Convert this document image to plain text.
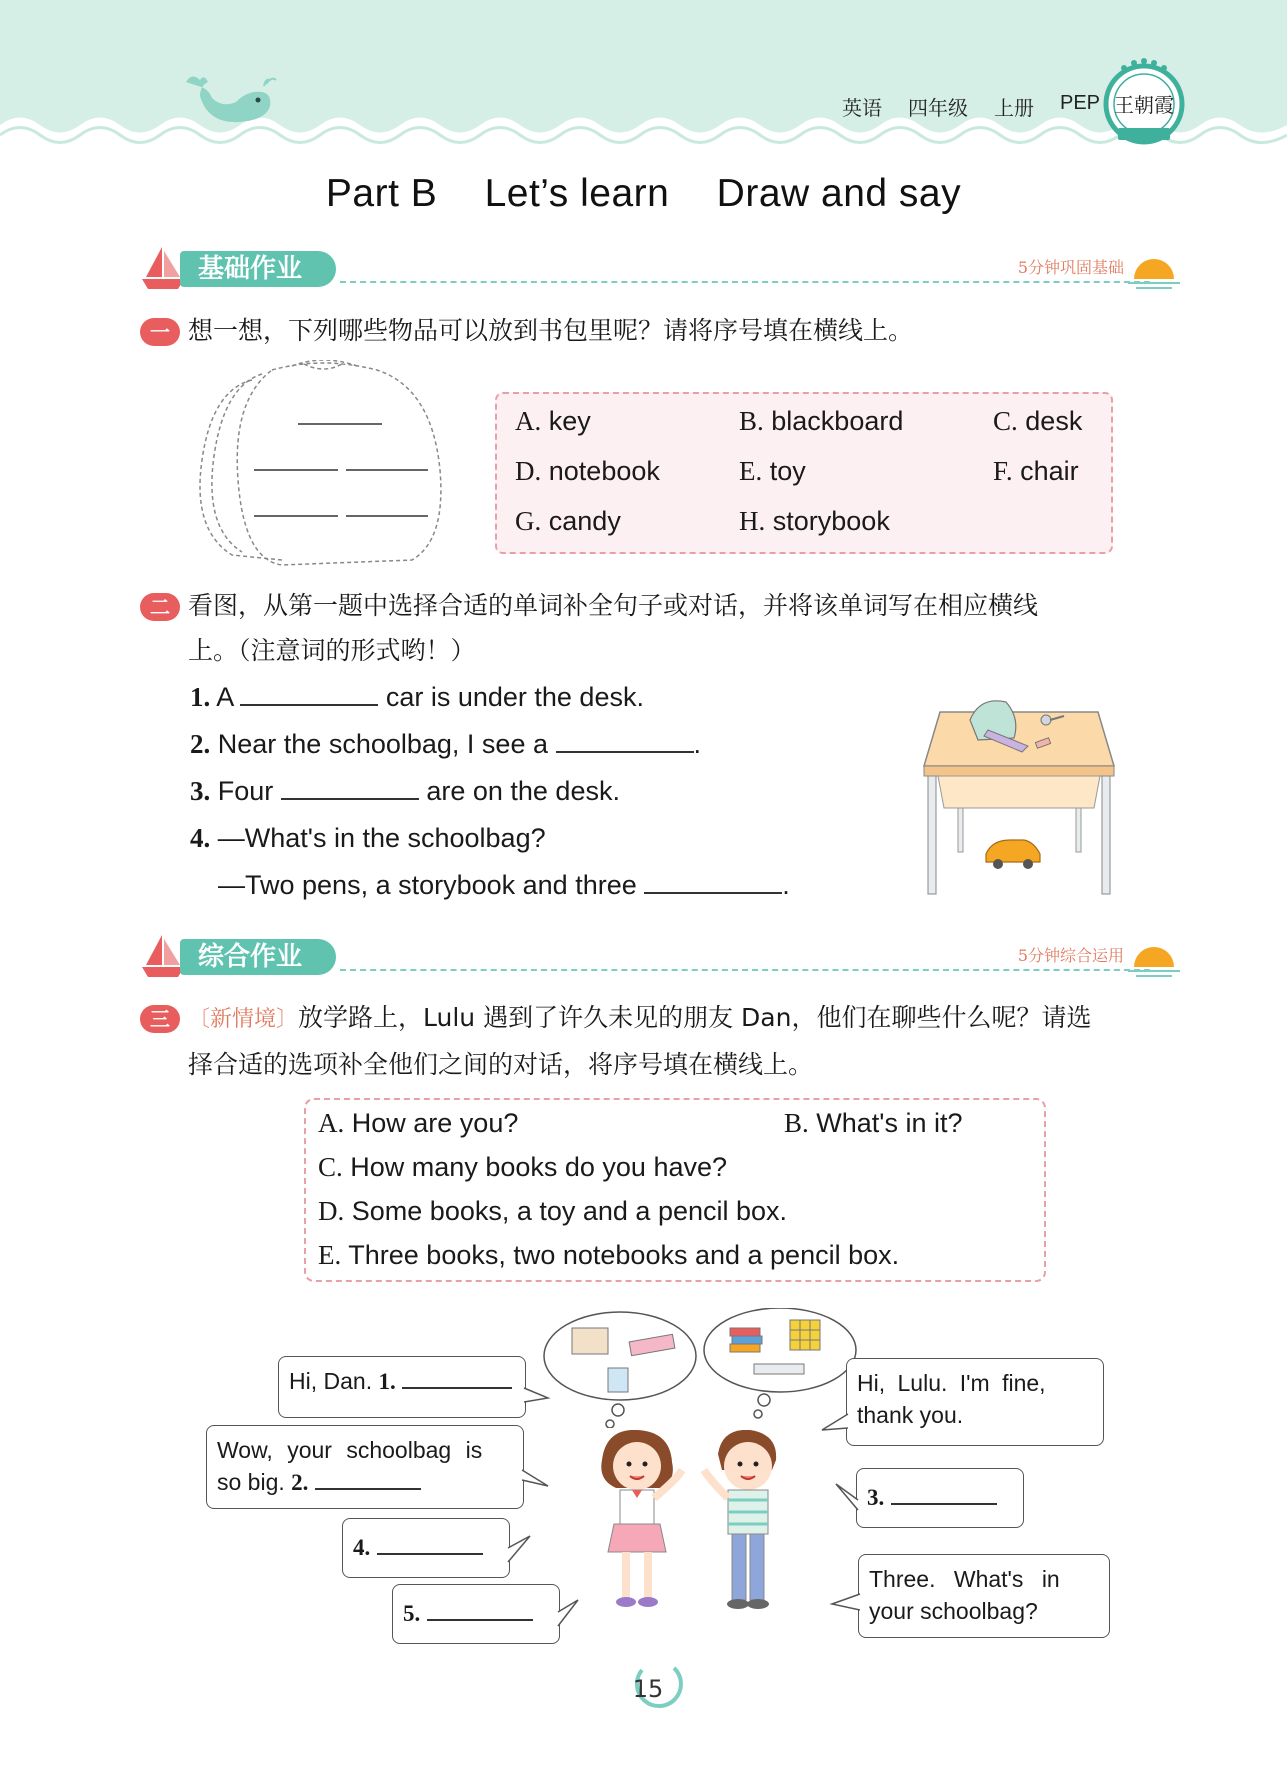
英语 四年级 上册 PEP 王朝霞
Part B Let’s learn Draw and say
基础作业	5分钟巩固基础
一 想一想，下列哪些物品可以放到书包里呢？请将序号填在横线上。
A. key	B. blackboard	C. desk
D. notebook	E. toy	F. chair
G. candy	H. storybook
二 看图，从第一题中选择合适的单词补全句子或对话，并将该单词写在相应横线
上。（注意词的形式哟！）
1. A	car is under the desk.
2. Near the schoolbag, I see a	.
3. Four	are on the desk.
4. —What's in the schoolbag?
—Two pens, a storybook and three	.
综合作业	5分钟综合运用
三 〔新情境〕放学路上，Lulu 遇到了许久未见的朋友 Dan，他们在聊些什么呢？请选
择合适的选项补全他们之间的对话，将序号填在横线上。
A. How are you?	B. What's in it?
C. How many books do you have?
D. Some books, a toy and a pencil box.
E. Three books, two notebooks and a pencil box.
Hi, Dan. 1.
Wow, your schoolbag is
so big. 2.
Hi, Lulu. I'm fine,
thank you.
3.
4.
Three. What's in
your schoolbag?
5.
15
